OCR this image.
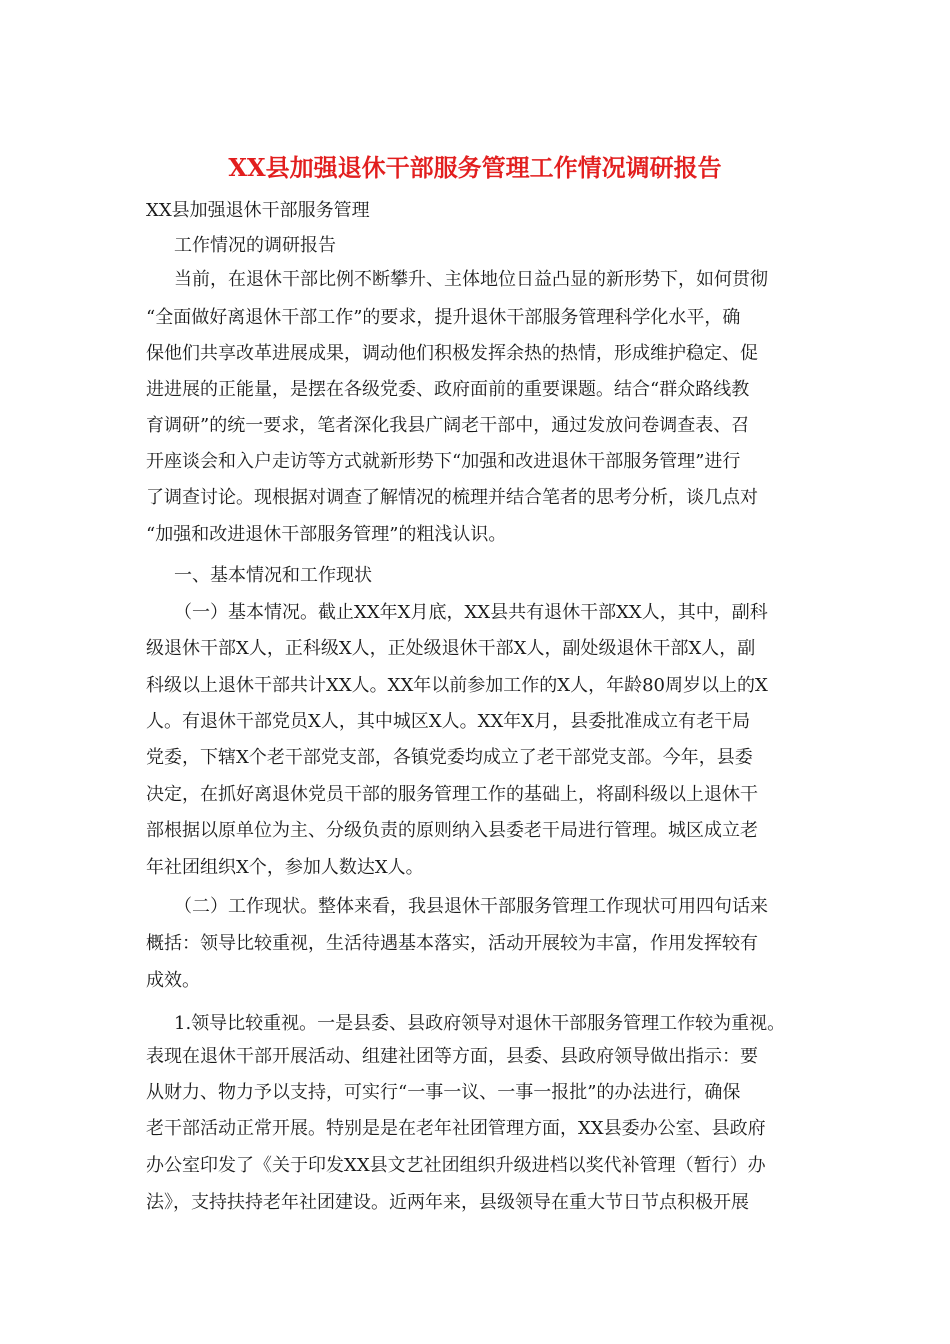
XX县加强退休干部服务管理工作情况调研报告

XX县加强退休干部服务管理

工作情况的调研报告

当前，在退休干部比例不断攀升、主体地位日益凸显的新形势下，如何贯彻

“全面做好离退休干部工作”的要求，提升退休干部服务管理科学化水平，确

保他们共享改革进展成果，调动他们积极发挥余热的热情，形成维护稳定、促

进进展的正能量，是摆在各级党委、政府面前的重要课题。结合“群众路线教

育调研”的统一要求，笔者深化我县广阔老干部中，通过发放问卷调查表、召

开座谈会和入户走访等方式就新形势下“加强和改进退休干部服务管理”进行

了调查讨论。现根据对调查了解情况的梳理并结合笔者的思考分析，谈几点对

“加强和改进退休干部服务管理”的粗浅认识。

一、基本情况和工作现状

（一）基本情况。截止XX年X月底，XX县共有退休干部XX人，其中，副科

级退休干部X人，正科级X人，正处级退休干部X人，副处级退休干部X人，副

科级以上退休干部共计XX人。XX年以前参加工作的X人，年龄80周岁以上的X

人。有退休干部党员X人，其中城区X人。XX年X月，县委批准成立有老干局

党委，下辖X个老干部党支部，各镇党委均成立了老干部党支部。今年，县委

决定，在抓好离退休党员干部的服务管理工作的基础上，将副科级以上退休干

部根据以原单位为主、分级负责的原则纳入县委老干局进行管理。城区成立老

年社团组织X个，参加人数达X人。

（二）工作现状。整体来看，我县退休干部服务管理工作现状可用四句话来

概括：领导比较重视，生活待遇基本落实，活动开展较为丰富，作用发挥较有

成效。

1.领导比较重视。一是县委、县政府领导对退休干部服务管理工作较为重视。

表现在退休干部开展活动、组建社团等方面，县委、县政府领导做出指示：要

从财力、物力予以支持，可实行“一事一议、一事一报批”的办法进行，确保

老干部活动正常开展。特别是是在老年社团管理方面，XX县委办公室、县政府

办公室印发了《关于印发XX县文艺社团组织升级进档以奖代补管理（暂行）办

法》，支持扶持老年社团建设。近两年来，县级领导在重大节日节点积极开展
